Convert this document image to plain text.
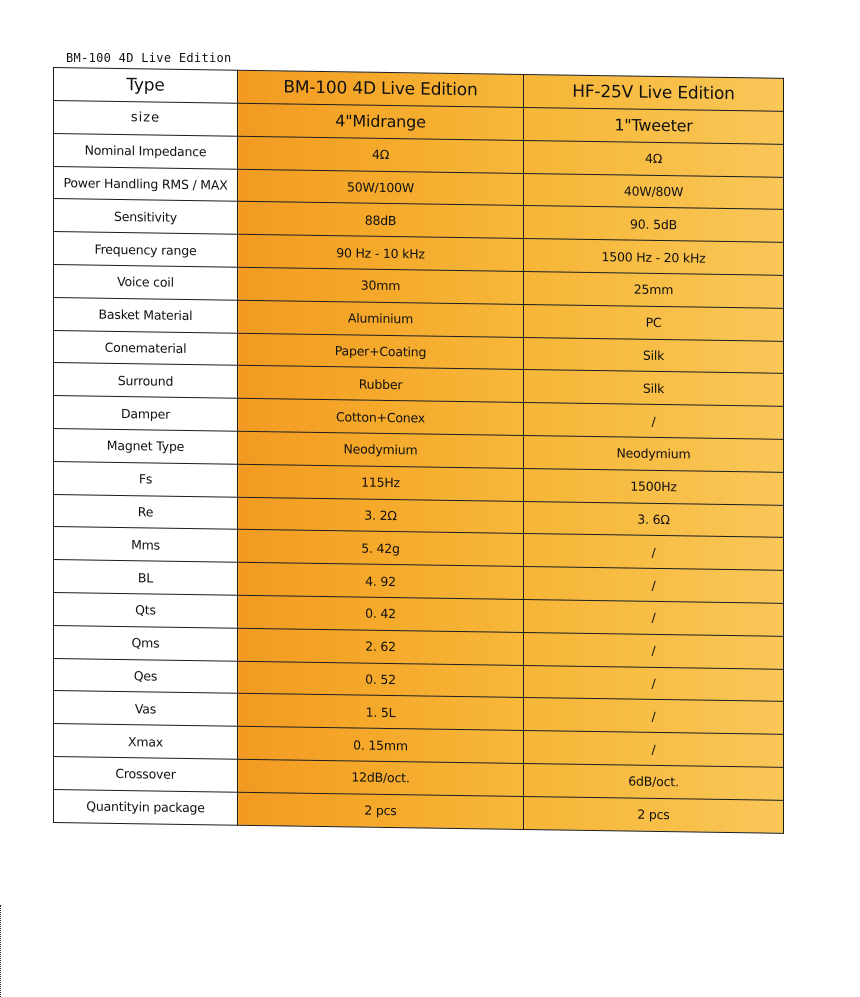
BM-100 4D Live Edition
Type	BM-100 4D Live Edition	HF-25V Live Edition
size	4"Midrange	1"Tweeter
Nominal Impedance	4Ω	4Ω
Power Handling RMS / MAX	50W/100W	40W/80W
Sensitivity	88dB	90. 5dB
Frequency range	90 Hz - 10 kHz	1500 Hz - 20 kHz
Voice coil	30mm	25mm
Basket Material	Aluminium	PC
Conematerial	Paper+Coating	Silk
Surround	Rubber	Silk
Damper	Cotton+Conex	/
Magnet Type	Neodymium	Neodymium
Fs	115Hz	1500Hz
Re	3. 2Ω	3. 6Ω
Mms	5. 42g	/
BL	4. 92	/
Qts	0. 42	/
Qms	2. 62	/
Qes	0. 52	/
Vas	1. 5L	/
Xmax	0. 15mm	/
Crossover	12dB/oct.	6dB/oct.
Quantityin package	2 pcs	2 pcs
